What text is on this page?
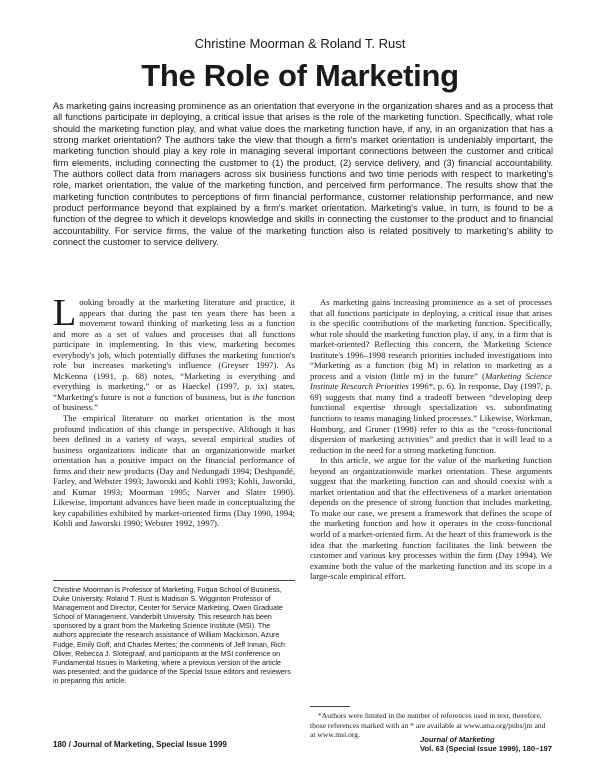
Christine Moorman & Roland T. Rust

The Role of Marketing

As marketing gains increasing prominence as an orientation that everyone in the organization shares and as a process that all functions participate in deploying, a critical issue that arises is the role of the marketing function. Specifically, what role should the marketing function play, and what value does the marketing function have, if any, in an organization that has a strong market orientation? The authors take the view that though a firm's market orientation is undeniably important, the marketing function should play a key role in managing several important connections between the customer and critical firm elements, including connecting the customer to (1) the product, (2) service delivery, and (3) financial accountability. The authors collect data from managers across six business functions and two time periods with respect to marketing's role, market orientation, the value of the marketing function, and perceived firm performance. The results show that the marketing function contributes to perceptions of firm financial performance, customer relationship performance, and new product performance beyond that explained by a firm's market orientation. Marketing's value, in turn, is found to be a function of the degree to which it develops knowledge and skills in connecting the customer to the product and to financial accountability. For service firms, the value of the marketing function also is related positively to marketing's ability to connect the customer to service delivery.

Looking broadly at the marketing literature and practice, it appears that during the past ten years there has been a movement toward thinking of marketing less as a function and more as a set of values and processes that all functions participate in implementing. In this view, marketing becomes everybody's job, which potentially diffuses the marketing function's role but increases marketing's influence (Greyser 1997). As McKenna (1991, p. 68) notes, “Marketing is everything and everything is marketing,” or as Haeckel (1997, p. ix) states, “Marketing's future is not a function of business, but is the function of business.”

The empirical literature on market orientation is the most profound indication of this change in perspective. Although it has been defined in a variety of ways, several empirical studies of business organizations indicate that an organizationwide market orientation has a positive impact on the financial performance of firms and their new products (Day and Nedungadi 1994; Deshpandé, Farley, and Webster 1993; Jaworski and Kohli 1993; Kohli, Jaworski, and Kumar 1993; Moorman 1995; Narver and Slater 1990). Likewise, important advances have been made in conceptualizing the key capabilities exhibited by market-oriented firms (Day 1990, 1994; Kohli and Jaworski 1990; Webster 1992, 1997).

Christine Moorman is Professor of Marketing, Fuqua School of Business, Duke University. Roland T. Rust is Madison S. Wigginton Professor of Management and Director, Center for Service Marketing, Owen Graduate School of Management, Vanderbilt University. This research has been sponsored by a grant from the Marketing Science Institute (MSI). The authors appreciate the research assistance of William Mackinson, Azure Fudge, Emily Goff, and Charles Mertes; the comments of Jeff Inman, Rich Oliver, Rebecca J. Slotegraaf, and participants at the MSI conference on Fundamental Issues in Marketing, where a previous version of the article was presented; and the guidance of the Special Issue editors and reviewers in preparing this article.

As marketing gains increasing prominence as a set of processes that all functions participate in deploying, a critical issue that arises is the specific contributions of the marketing function. Specifically, what role should the marketing function play, if any, in a firm that is market-oriented? Reflecting this concern, the Marketing Science Institute's 1996–1998 research priorities included investigations into “Marketing as a function (big M) in relation to marketing as a process and a vision (little m) in the future” (Marketing Science Institute Research Priorities 1996*, p. 6). In response, Day (1997, p. 69) suggests that many find a tradeoff between “developing deep functional expertise through specialization vs. subordinating functions to teams managing linked processes.” Likewise, Workman, Homburg, and Gruner (1998) refer to this as the “cross-functional dispersion of marketing activities” and predict that it will lead to a reduction in the need for a strong marketing function.

In this article, we argue for the value of the marketing function beyond an organizationwide market orientation. These arguments suggest that the marketing function can and should coexist with a market orientation and that the effectiveness of a market orientation depends on the presence of strong function that includes marketing. To make our case, we present a framework that defines the scope of the marketing function and how it operates in the cross-functional world of a market-oriented firm. At the heart of this framework is the idea that the marketing function facilitates the link between the customer and various key processes within the firm (Day 1994). We examine both the value of the marketing function and its scope in a large-scale empirical effort.

*Authors were limited in the number of references used in text, therefore, those references marked with an * are available at www.ama.org/pubs/jm and at www.msi.org.

180 / Journal of Marketing, Special Issue 1999

Journal of Marketing
Vol. 63 (Special Issue 1999), 180–197
